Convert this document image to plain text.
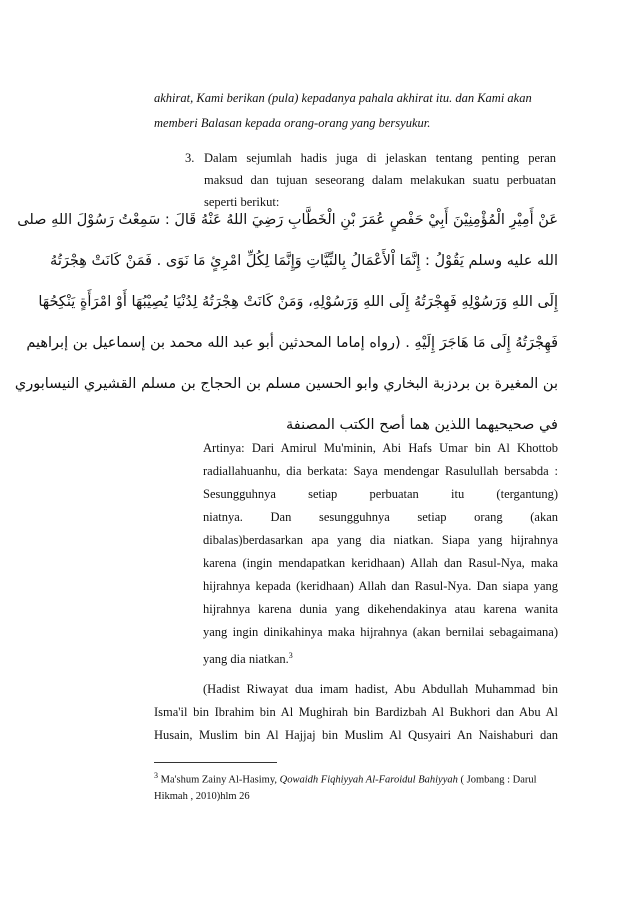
akhirat, Kami berikan (pula) kepadanya pahala akhirat itu. dan Kami akan
memberi Balasan kepada orang-orang yang bersyukur.
3. Dalam sejumlah hadis juga di jelaskan tentang penting peran
maksud dan tujuan seseorang dalam melakukan suatu perbuatan
seperti berikut:
عَنْ أَمِيْرِ الْمُؤْمِنِيْنَ أَبِيْ حَفْصٍ عُمَرَ بْنِ الْخَطَّابِ رَضِيَ اللهُ عَنْهُ قَالَ : سَمِعْتُ رَسُوْلَ اللهِ صلى
الله عليه وسلم يَقُوْلُ : إِنَّمَا اْلأَعْمَالُ بِالنِّيَّاتِ وَإِنَّمَا لِكُلِّ امْرِئٍ مَا نَوَى . فَمَنْ كَانَتْ هِجْرَتُهُ
إِلَى اللهِ وَرَسُوْلِهِ فَهِجْرَتُهُ إِلَى اللهِ وَرَسُوْلِهِ، وَمَنْ كَانَتْ هِجْرَتُهُ لِدُنْيَا يُصِيْبُهَا أَوْ امْرَأَةٍ يَنْكِحُهَا
فَهِجْرَتُهُ إِلَى مَا هَاجَرَ إِلَيْهِ . (رواه إماما المحدثين أبو عبد الله محمد بن إسماعيل بن إبراهيم
بن المغيرة بن بردزبة البخاري وابو الحسين مسلم بن الحجاج بن مسلم القشيري النيسابوري
في صحيحيهما اللذين هما أصح الكتب المصنفة
Artinya: Dari Amirul Mu'minin, Abi Hafs Umar bin Al Khottob
radiallahuanhu, dia berkata: Saya mendengar Rasulullah bersabda :
Sesungguhnya setiap perbuatan itu (tergantung)
niatnya. Dan sesungguhnya setiap orang (akan
dibalas)berdasarkan apa yang dia niatkan. Siapa yang hijrahnya
karena (ingin mendapatkan keridhaan) Allah dan Rasul-Nya, maka
hijrahnya kepada (keridhaan) Allah dan Rasul-Nya. Dan siapa yang
hijrahnya karena dunia yang dikehendakinya atau karena wanita
yang ingin dinikahinya maka hijrahnya (akan bernilai sebagaimana)
yang dia niatkan.$^3$
(Hadist Riwayat dua imam hadist, Abu Abdullah Muhammad bin
Isma'il bin Ibrahim bin Al Mughirah bin Bardizbah Al Bukhori dan Abu Al
Husain, Muslim bin Al Hajjaj bin Muslim Al Qusyairi An Naishaburi dan
$^3$ Ma'shum Zainy Al-Hasimy, Qowaidh Fiqhiyyah Al-Faroidul Bahiyyah ( Jombang : Darul
Hikmah , 2010)hlm 26
